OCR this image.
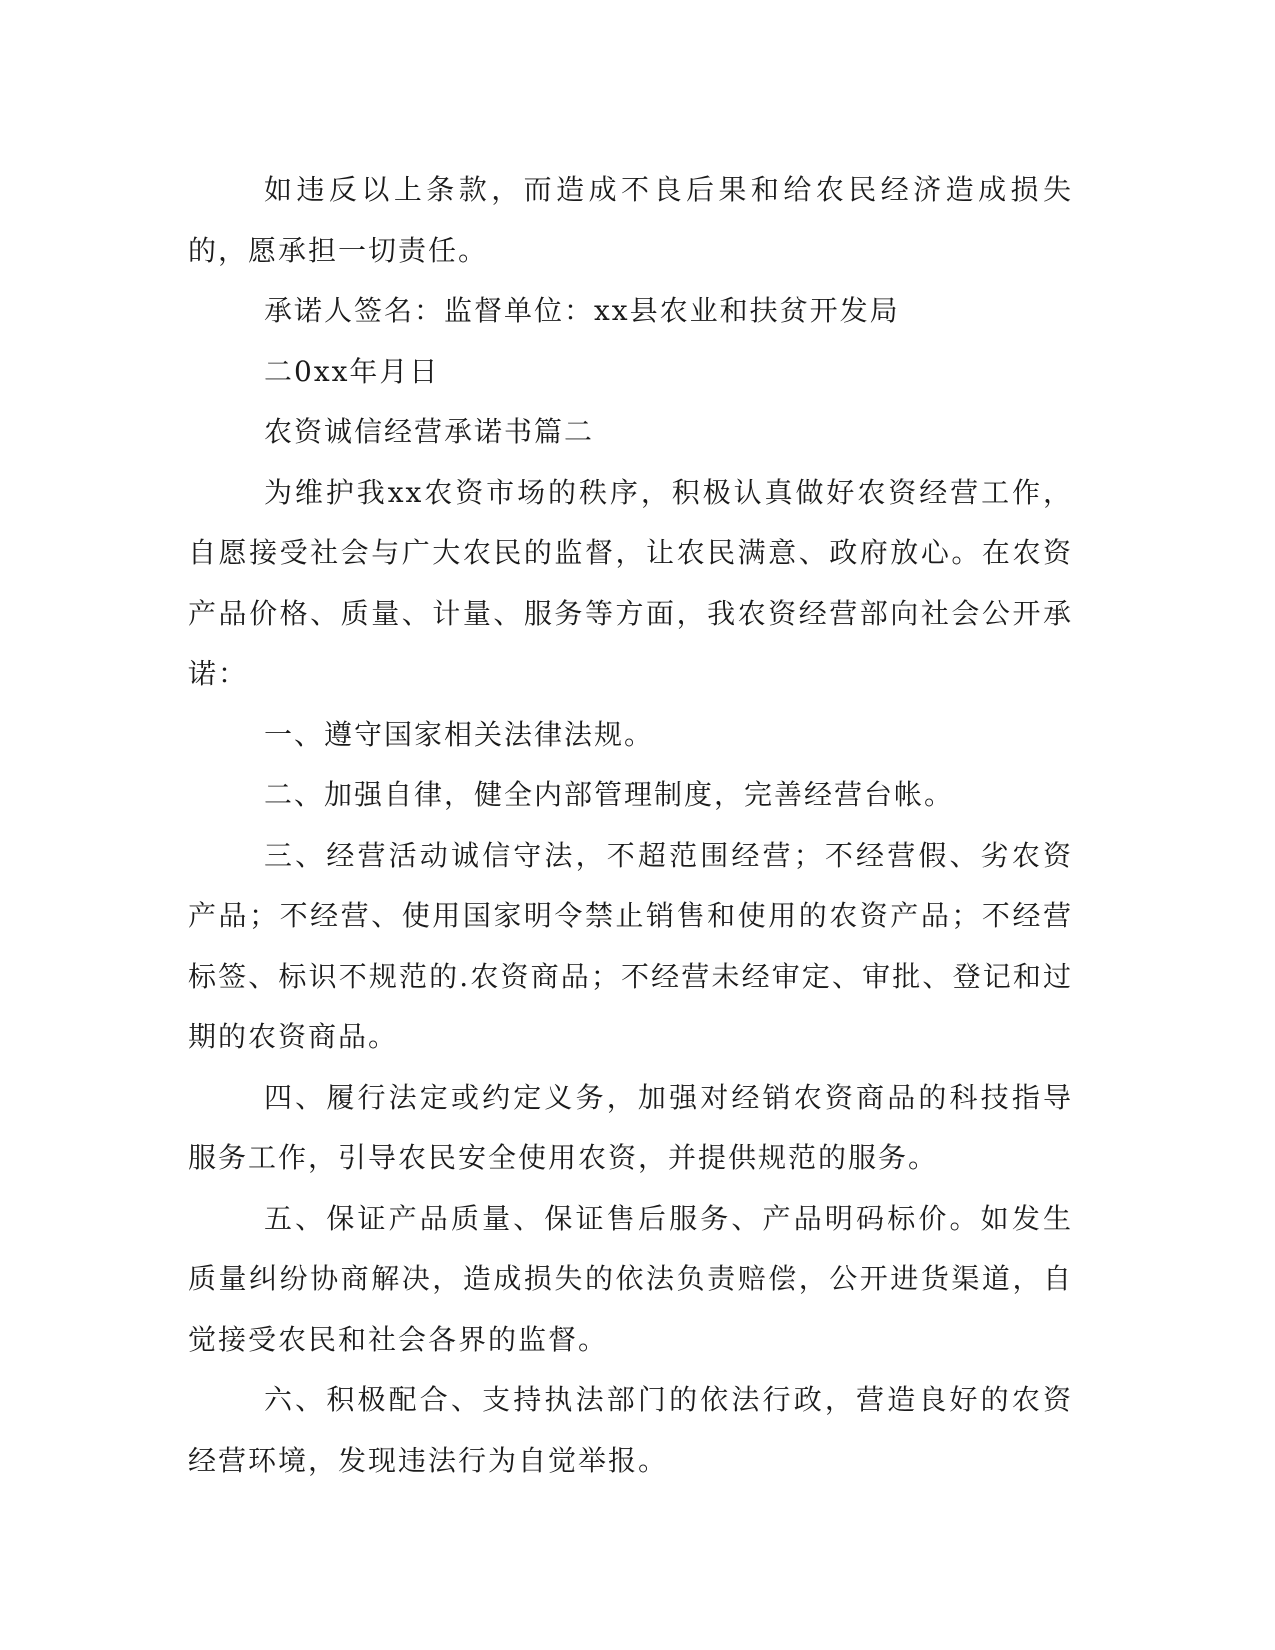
如违反以上条款，而造成不良后果和给农民经济造成损失的，愿承担一切责任。

承诺人签名：监督单位：xx县农业和扶贫开发局

二0xx年月日

农资诚信经营承诺书篇二

为维护我xx农资市场的秩序，积极认真做好农资经营工作，自愿接受社会与广大农民的监督，让农民满意、政府放心。在农资产品价格、质量、计量、服务等方面，我农资经营部向社会公开承诺：

一、遵守国家相关法律法规。

二、加强自律，健全内部管理制度，完善经营台帐。

三、经营活动诚信守法，不超范围经营；不经营假、劣农资产品；不经营、使用国家明令禁止销售和使用的农资产品；不经营标签、标识不规范的.农资商品；不经营未经审定、审批、登记和过期的农资商品。

四、履行法定或约定义务，加强对经销农资商品的科技指导服务工作，引导农民安全使用农资，并提供规范的服务。

五、保证产品质量、保证售后服务、产品明码标价。如发生质量纠纷协商解决，造成损失的依法负责赔偿，公开进货渠道，自觉接受农民和社会各界的监督。

六、积极配合、支持执法部门的依法行政，营造良好的农资经营环境，发现违法行为自觉举报。
